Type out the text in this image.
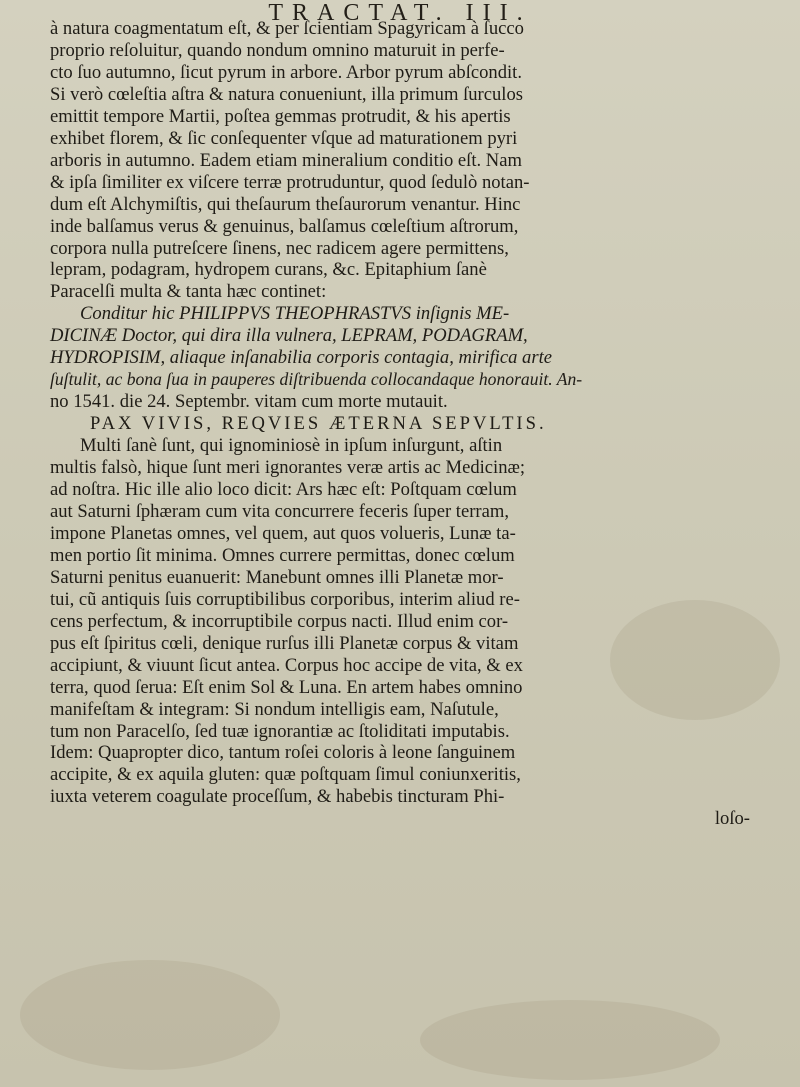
TRACTAT. III.
à natura coagmentatum eſt, & per ſcientiam Spagyricam à ſucco
proprio reſoluitur, quando nondum omnino maturuit in perfe-
cto ſuo autumno, ſicut pyrum in arbore. Arbor pyrum abſcondit.
Si verò cœleſtia aſtra & natura conueniunt, illa primum ſurculos
emittit tempore Martii, poſtea gemmas protrudit, & his apertis
exhibet florem, & ſic conſequenter vſque ad maturationem pyri
arboris in autumno. Eadem etiam mineralium conditio eſt. Nam
& ipſa ſimiliter ex viſcere terræ protruduntur, quod ſedulò notan-
dum eſt Alchymiſtis, qui theſaurum theſaurorum venantur. Hinc
inde balſamus verus & genuinus, balſamus cœleſtium aſtrorum,
corpora nulla putreſcere ſinens, nec radicem agere permittens,
lepram, podagram, hydropem curans, &c. Epitaphium ſanè
Paracelſi multa & tanta hæc continet:
Conditur hic PHILIPPVS THEOPHRASTVS inſignis ME-
DICINÆ Doctor, qui dira illa vulnera, LEPRAM, PODAGRAM,
HYDROPISIM, aliaque inſanabilia corporis contagia, mirifica arte
ſuſtulit, ac bona ſua in pauperes diſtribuenda collocandaque honorauit. An-
no 1541. die 24. Septembr. vitam cum morte mutauit.
PAX VIVIS, REQVIES ÆTERNA SEPVLTIS.
Multi ſanè ſunt, qui ignominiosè in ipſum inſurgunt, aſtin
multis falsò, hique ſunt meri ignorantes veræ artis ac Medicinæ;
ad noſtra. Hic ille alio loco dicit: Ars hæc eſt: Poſtquam cœlum
aut Saturni ſphæram cum vita concurrere feceris ſuper terram,
impone Planetas omnes, vel quem, aut quos volueris, Lunæ ta-
men portio ſit minima. Omnes currere permittas, donec cœlum
Saturni penitus euanuerit: Manebunt omnes illi Planetæ mor-
tui, cũ antiquis ſuis corruptibilibus corporibus, interim aliud re-
cens perfectum, & incorruptibile corpus nacti. Illud enim cor-
pus eſt ſpiritus cœli, denique rurſus illi Planetæ corpus & vitam
accipiunt, & viuunt ſicut antea. Corpus hoc accipe de vita, & ex
terra, quod ſerua: Eſt enim Sol & Luna. En artem habes omnino
manifeſtam & integram: Si nondum intelligis eam, Naſutule,
tum non Paracelſo, ſed tuæ ignorantiæ ac ſtoliditati imputabis.
Idem: Quapropter dico, tantum roſei coloris à leone ſanguinem
accipite, & ex aquila gluten: quæ poſtquam ſimul coniunxeritis,
iuxta veterem coagulate proceſſum, & habebis tincturam Phi-
loſo-
